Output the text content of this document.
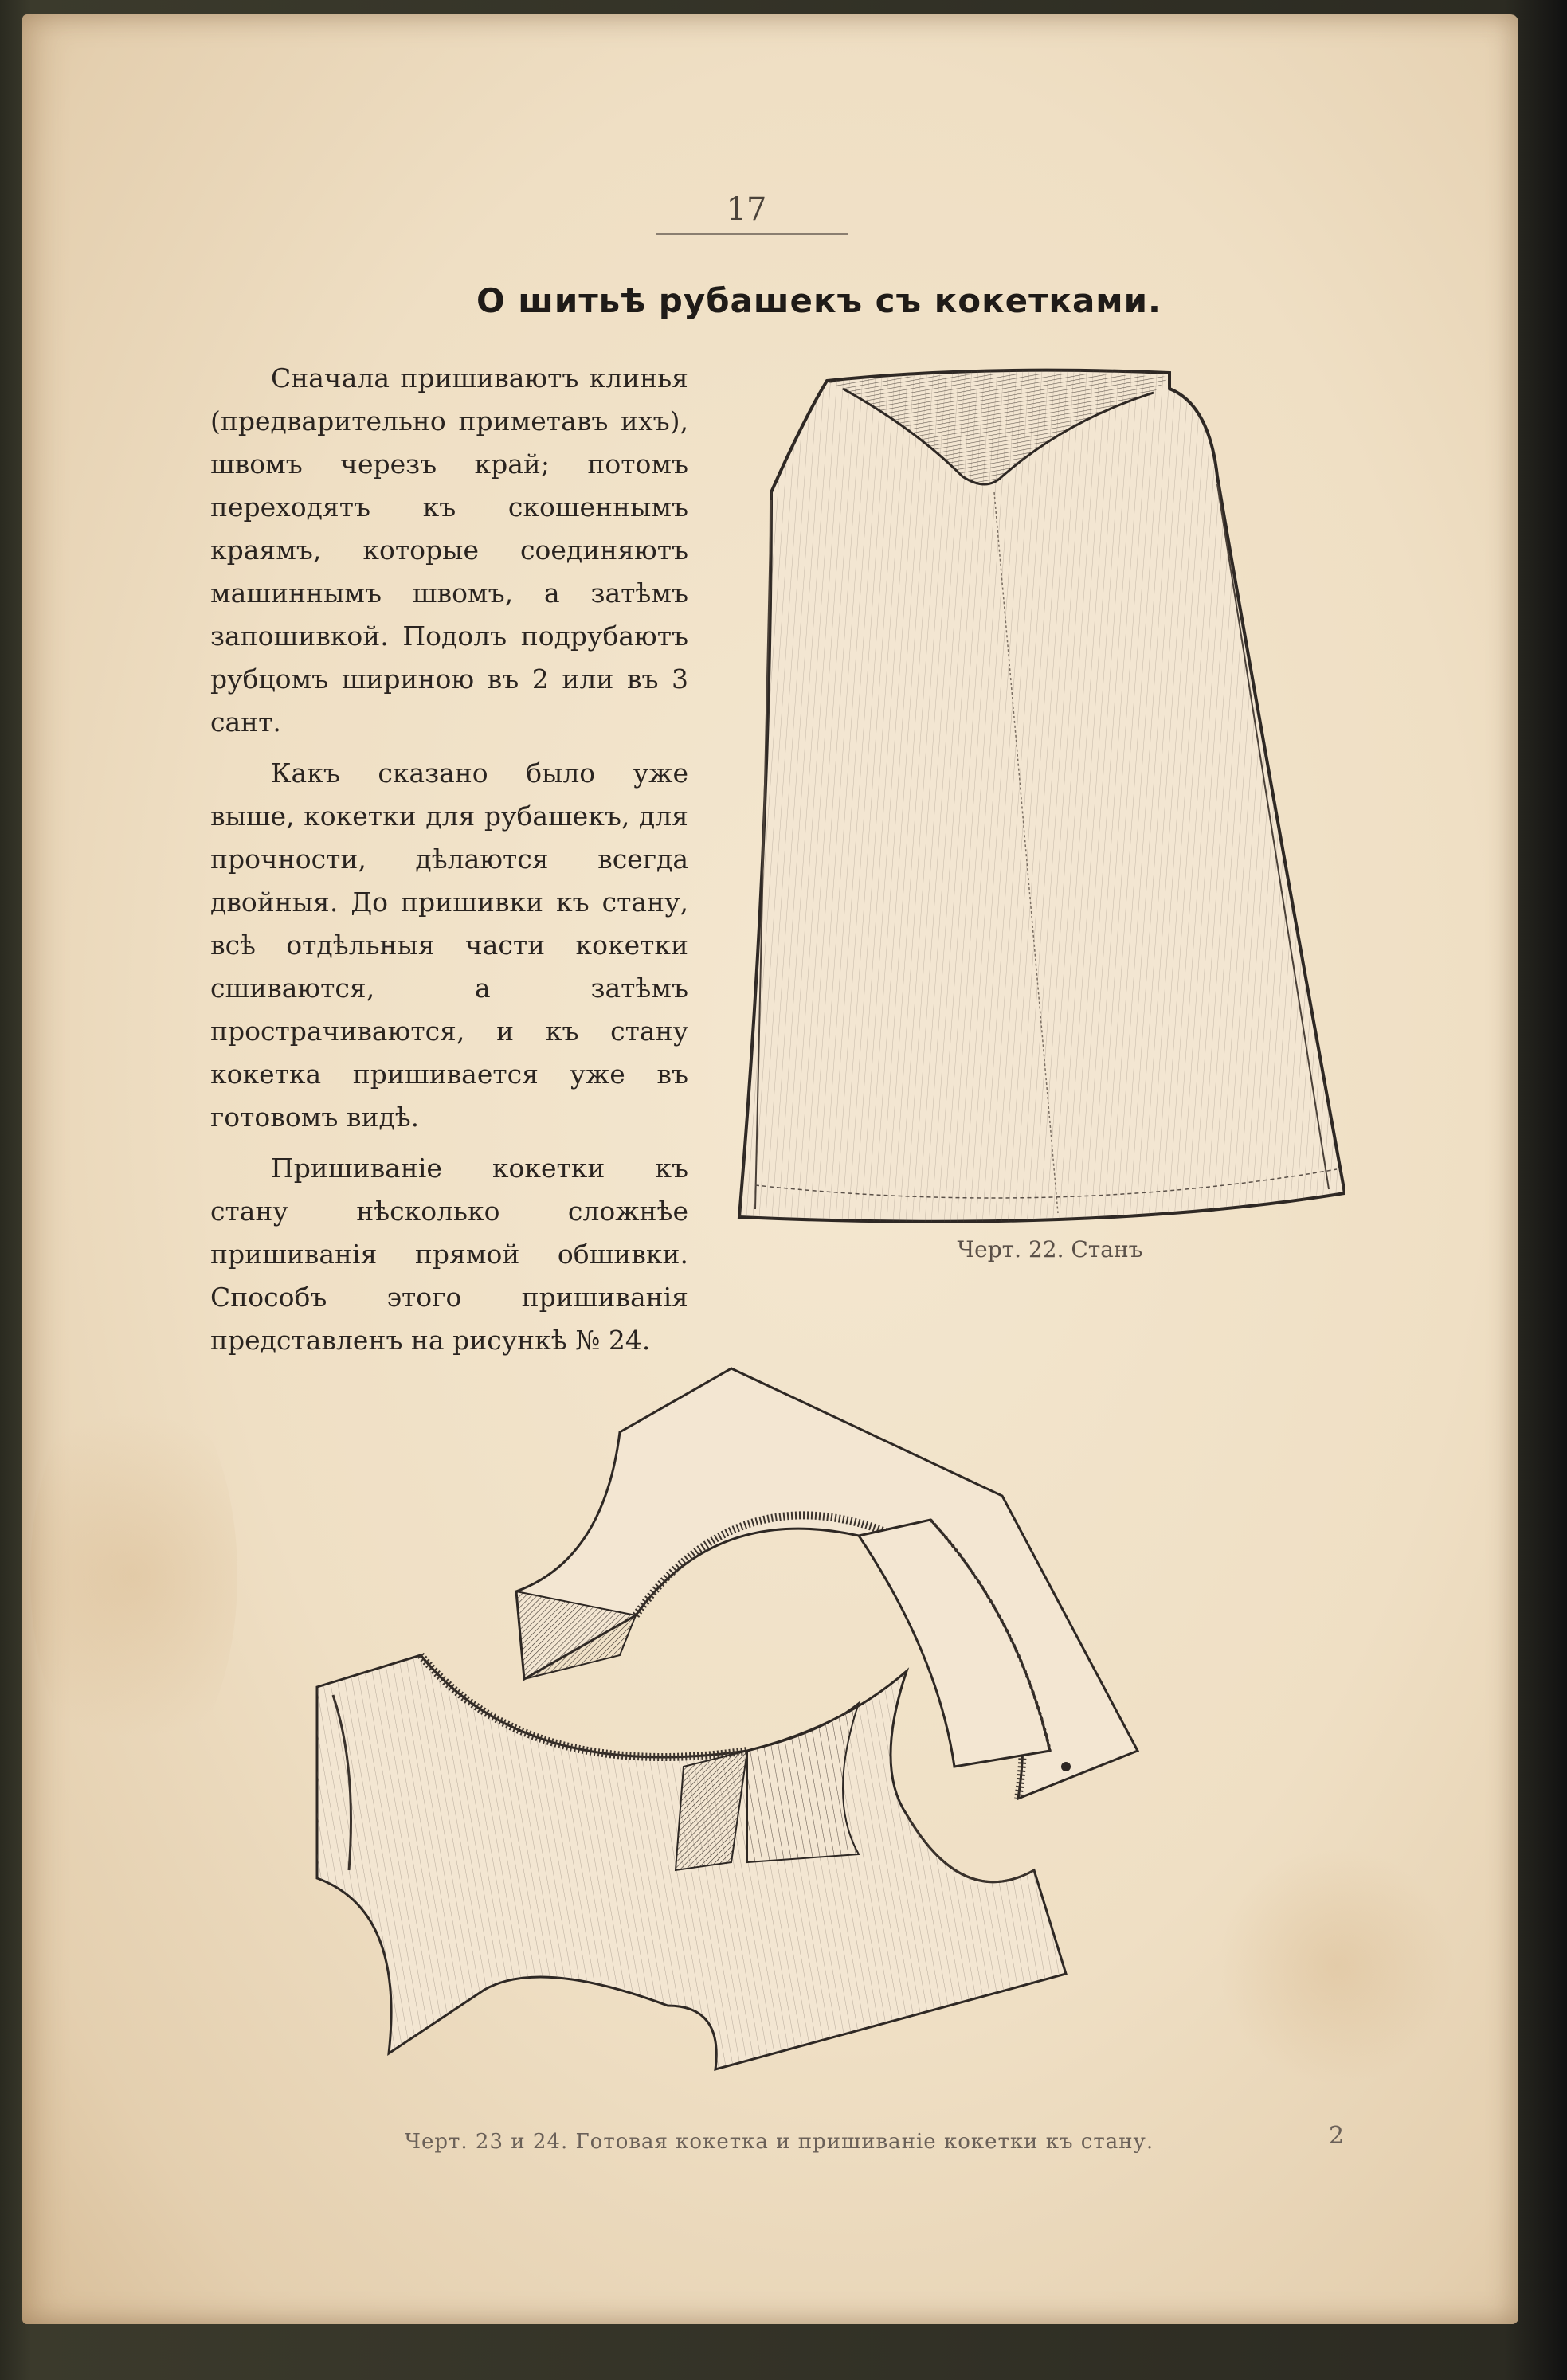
17
О шитьѣ рубашекъ съ кокетками.

Сначала пришиваютъ клинья (предварительно приметавъ ихъ), швомъ черезъ край; потомъ переходятъ къ скошеннымъ краямъ, которые соединяютъ машиннымъ швомъ, а затѣмъ запошивкой. Подолъ подрубаютъ рубцомъ шириною въ 2 или въ 3 сант.

Какъ сказано было уже выше, кокетки для рубашекъ, для прочности, дѣлаются всегда двойныя. До пришивки къ стану, всѣ отдѣльныя части кокетки сшиваются, а затѣмъ прострачиваются, и къ стану кокетка пришивается уже въ готовомъ видѣ.

Пришиванiе кокетки къ стану нѣсколько сложнѣе пришиванiя прямой обшивки. Способъ этого пришиванiя представленъ на рисункѣ № 24.

Черт. 22. Станъ
Черт. 23 и 24. Готовая кокетка и пришиванiе кокетки къ стану.	2
